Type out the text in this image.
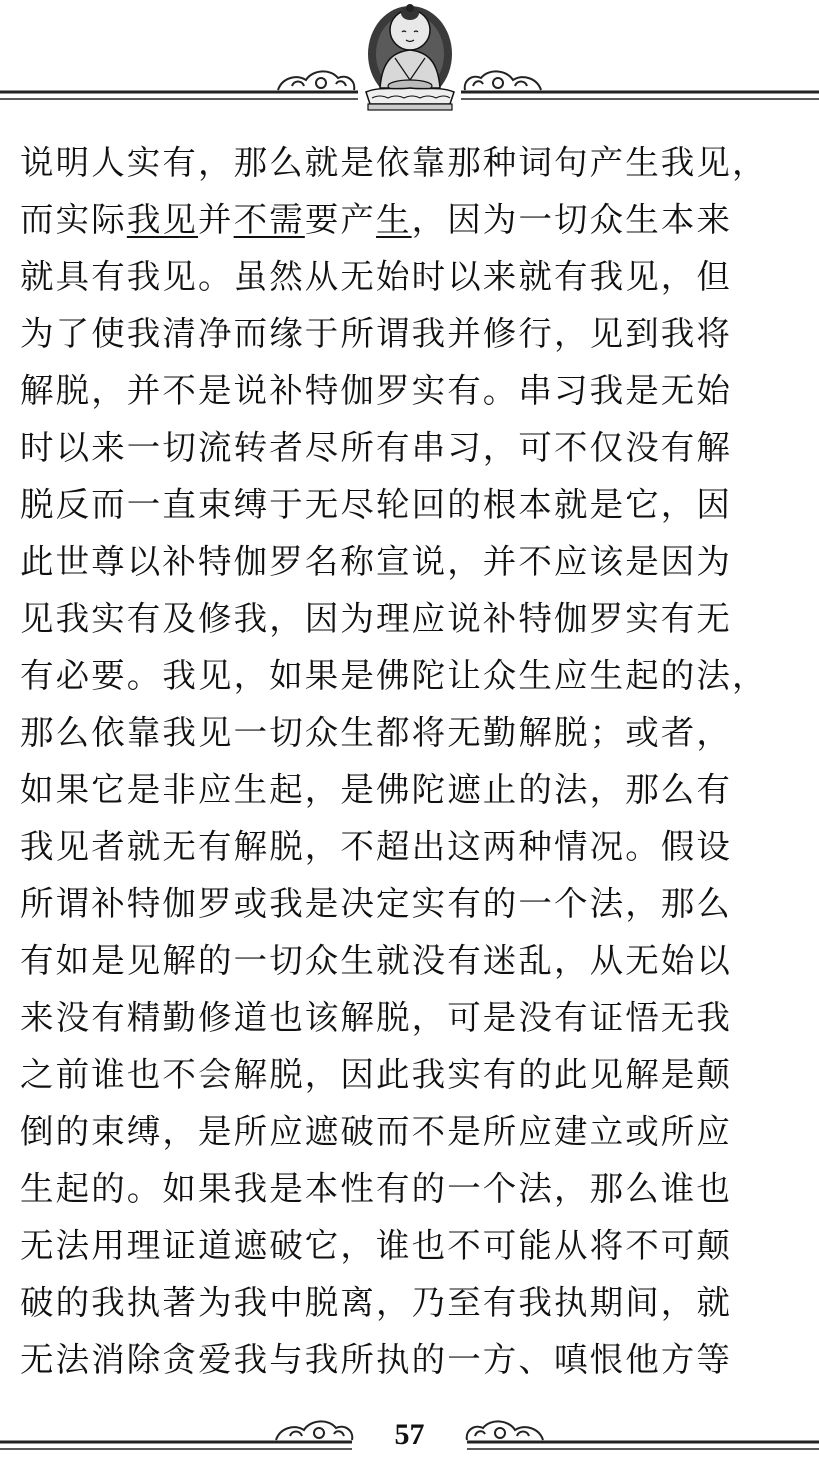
说明人实有，那么就是依靠那种词句产生我见，
而实际我见并不需要产生，因为一切众生本来
就具有我见。虽然从无始时以来就有我见，但
为了使我清净而缘于所谓我并修行，见到我将
解脱，并不是说补特伽罗实有。串习我是无始
时以来一切流转者尽所有串习，可不仅没有解
脱反而一直束缚于无尽轮回的根本就是它，因
此世尊以补特伽罗名称宣说，并不应该是因为
见我实有及修我，因为理应说补特伽罗实有无
有必要。我见，如果是佛陀让众生应生起的法，
那么依靠我见一切众生都将无勤解脱；或者，
如果它是非应生起，是佛陀遮止的法，那么有
我见者就无有解脱，不超出这两种情况。假设
所谓补特伽罗或我是决定实有的一个法，那么
有如是见解的一切众生就没有迷乱，从无始以
来没有精勤修道也该解脱，可是没有证悟无我
之前谁也不会解脱，因此我实有的此见解是颠
倒的束缚，是所应遮破而不是所应建立或所应
生起的。如果我是本性有的一个法，那么谁也
无法用理证道遮破它，谁也不可能从将不可颠
破的我执著为我中脱离，乃至有我执期间，就
无法消除贪爱我与我所执的一方、嗔恨他方等
57
